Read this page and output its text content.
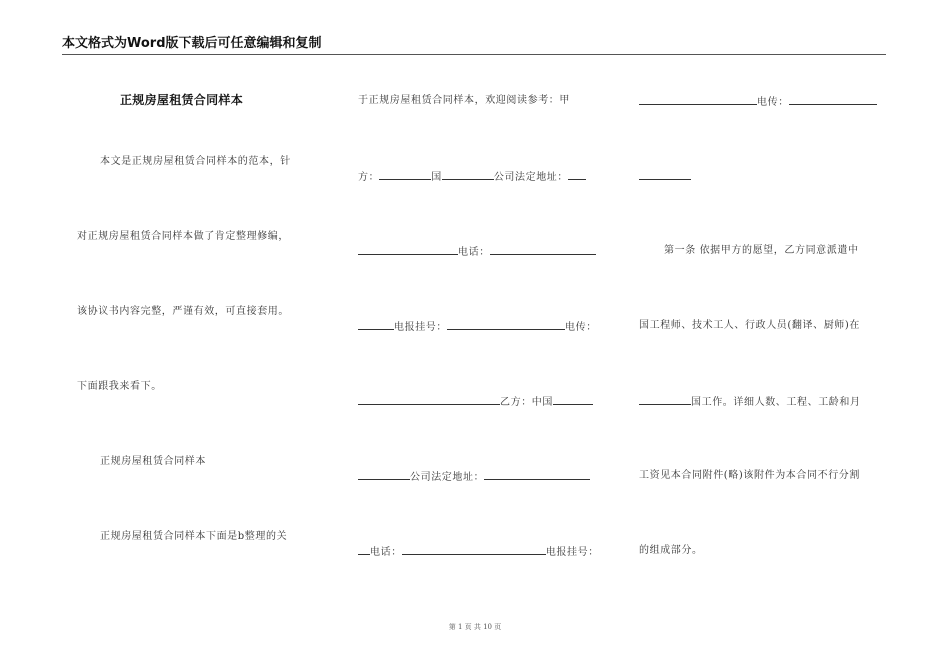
本文格式为Word版下载后可任意编辑和复制
正规房屋租赁合同样本
本文是正规房屋租赁合同样本的范本，针
对正规房屋租赁合同样本做了肯定整理修编，
该协议书内容完整，严谨有效，可直接套用。
下面跟我来看下。
正规房屋租赁合同样本
正规房屋租赁合同样本下面是b整理的关
于正规房屋租赁合同样本，欢迎阅读参考：甲
方：	国	公司法定地址：
电话：
电报挂号：	电传：
乙方：中国
公司法定地址：
电话：	电报挂号：
电传：
第一条 依据甲方的愿望，乙方同意派遣中
国工程师、技术工人、行政人员(翻译、厨师)在
国工作。详细人数、工程、工龄和月
工资见本合同附件(略)该附件为本合同不行分割
的组成部分。
第 1 页 共 10 页
